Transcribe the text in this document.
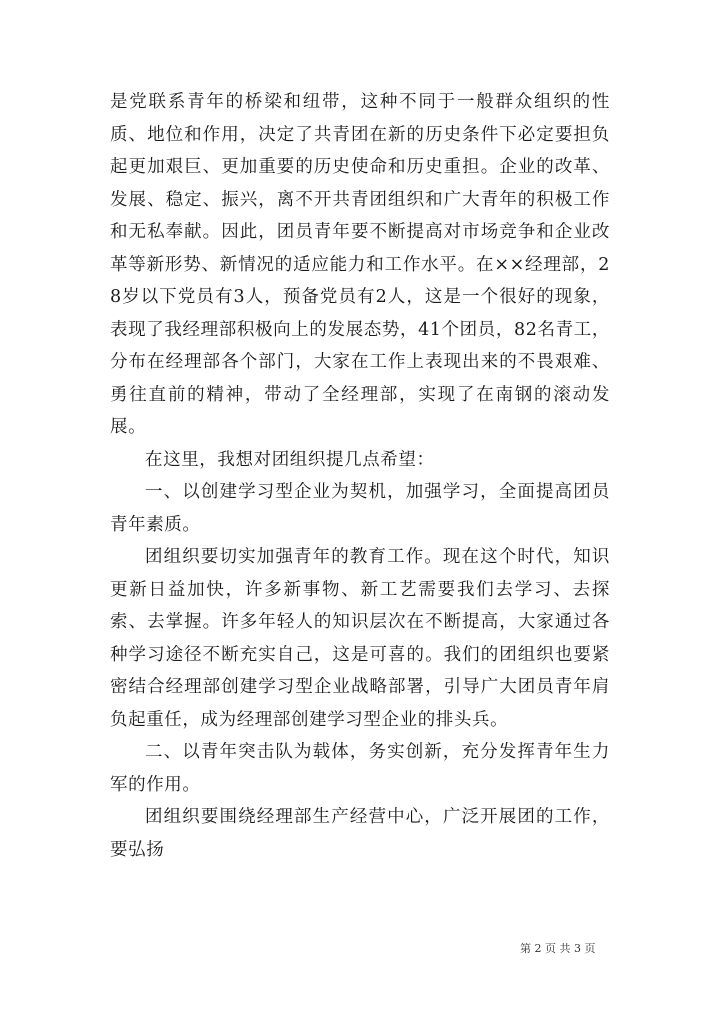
是党联系青年的桥梁和纽带，这种不同于一般群众组织的性质、地位和作用，决定了共青团在新的历史条件下必定要担负起更加艰巨、更加重要的历史使命和历史重担。企业的改革、发展、稳定、振兴，离不开共青团组织和广大青年的积极工作和无私奉献。因此，团员青年要不断提高对市场竞争和企业改革等新形势、新情况的适应能力和工作水平。在××经理部，28岁以下党员有3人，预备党员有2人，这是一个很好的现象，表现了我经理部积极向上的发展态势，41个团员，82名青工，分布在经理部各个部门，大家在工作上表现出来的不畏艰难、勇往直前的精神，带动了全经理部，实现了在南钢的滚动发展。

在这里，我想对团组织提几点希望：

一、以创建学习型企业为契机，加强学习，全面提高团员青年素质。

团组织要切实加强青年的教育工作。现在这个时代，知识更新日益加快，许多新事物、新工艺需要我们去学习、去探索、去掌握。许多年轻人的知识层次在不断提高，大家通过各种学习途径不断充实自己，这是可喜的。我们的团组织也要紧密结合经理部创建学习型企业战略部署，引导广大团员青年肩负起重任，成为经理部创建学习型企业的排头兵。

二、以青年突击队为载体，务实创新，充分发挥青年生力军的作用。

团组织要围绕经理部生产经营中心，广泛开展团的工作，要弘扬

第 2 页 共 3 页
